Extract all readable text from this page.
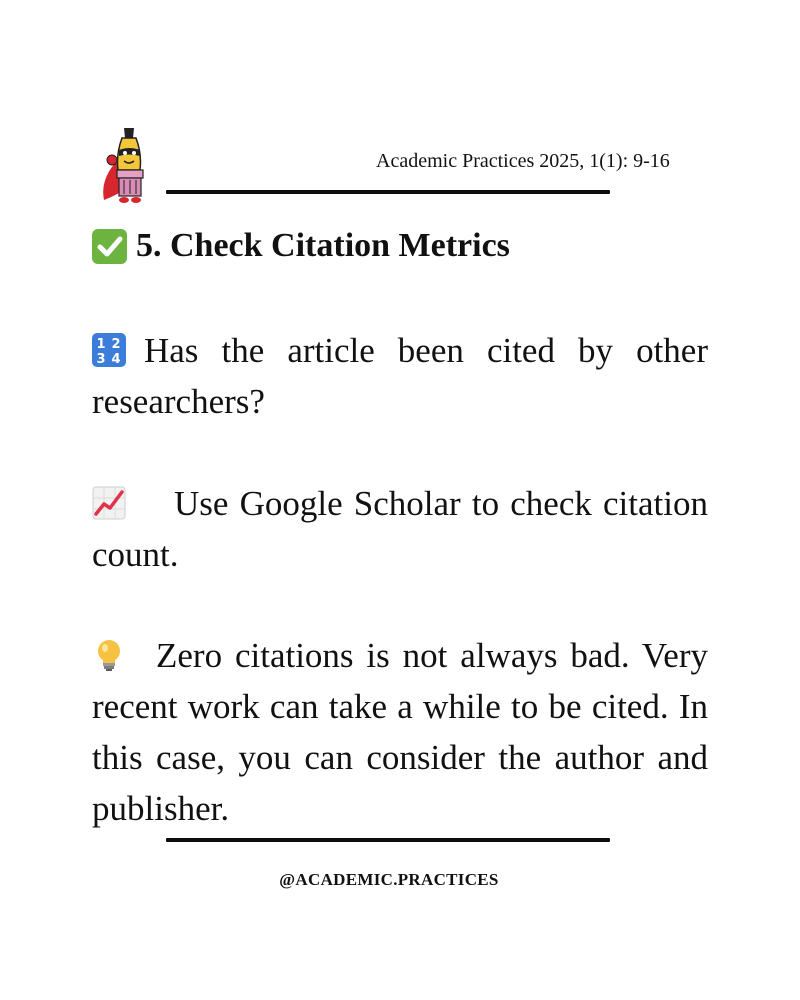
Academic Practices 2025, 1(1): 9-16
5. Check Citation Metrics
1 2
3 4 Has the article been cited by other researchers?
Use Google Scholar to check citation count.
Zero citations is not always bad. Very recent work can take a while to be cited. In this case, you can consider the author and publisher.
@ACADEMIC.PRACTICES
